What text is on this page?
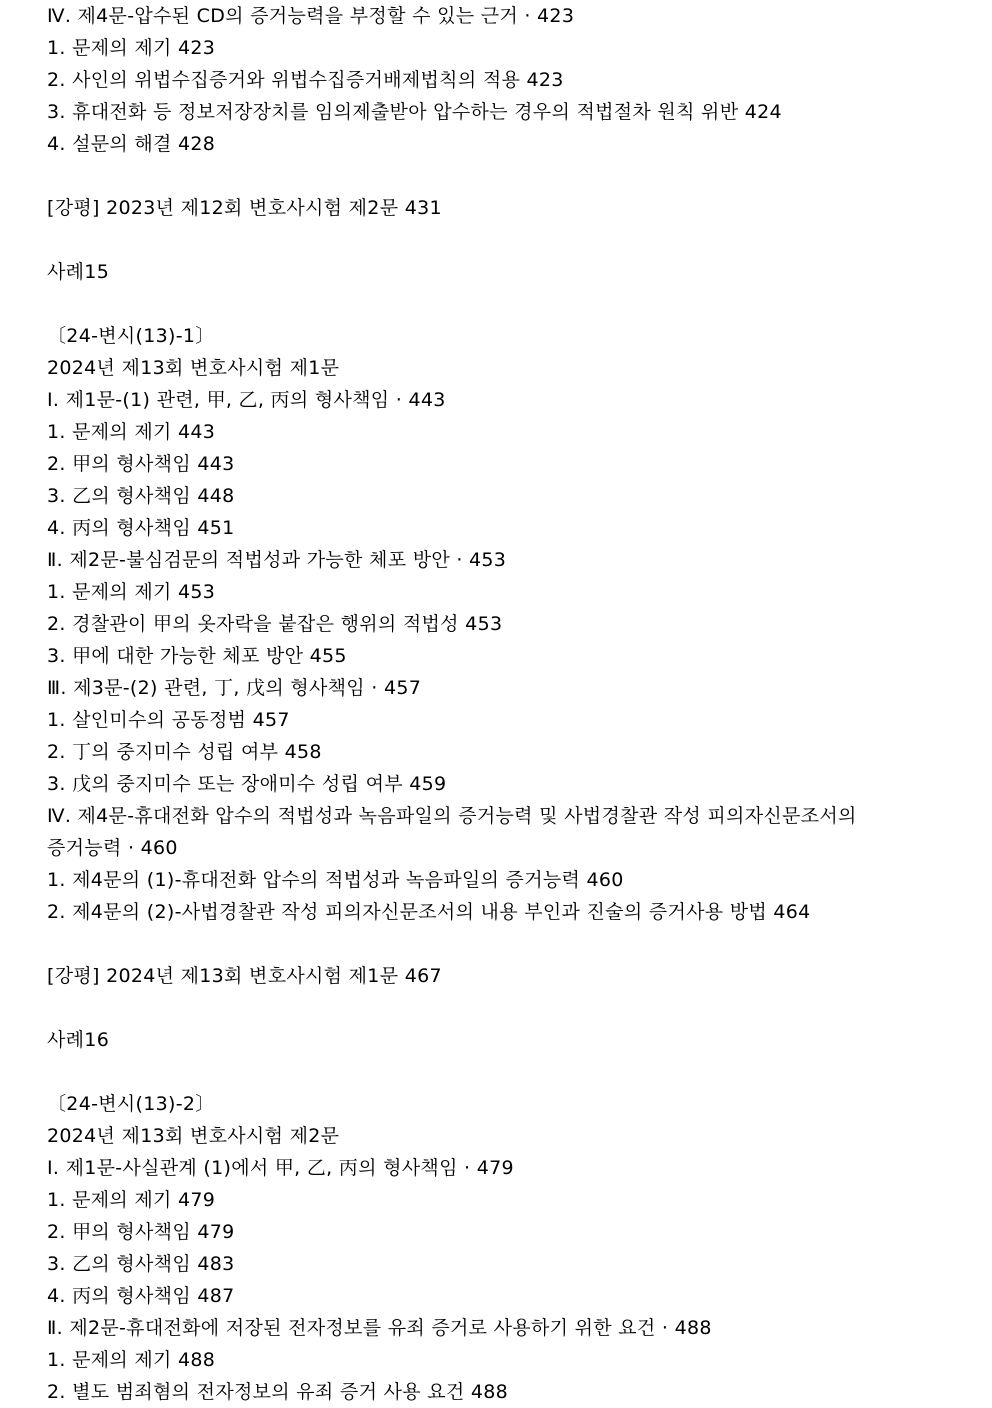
Ⅳ. 제4문-압수된 CD의 증거능력을 부정할 수 있는 근거 ‧ 423
1. 문제의 제기 423
2. 사인의 위법수집증거와 위법수집증거배제법칙의 적용 423
3. 휴대전화 등 정보저장장치를 임의제출받아 압수하는 경우의 적법절차 원칙 위반 424
4. 설문의 해결 428
[강평] 2023년 제12회 변호사시험 제2문 431
사례15
〔24-변시(13)-1〕
2024년 제13회 변호사시험 제1문
Ⅰ. 제1문-(1) 관련, 甲, 乙, 丙의 형사책임 ‧ 443
1. 문제의 제기 443
2. 甲의 형사책임 443
3. 乙의 형사책임 448
4. 丙의 형사책임 451
Ⅱ. 제2문-불심검문의 적법성과 가능한 체포 방안 ‧ 453
1. 문제의 제기 453
2. 경찰관이 甲의 옷자락을 붙잡은 행위의 적법성 453
3. 甲에 대한 가능한 체포 방안 455
Ⅲ. 제3문-(2) 관련, 丁, 戊의 형사책임 ‧ 457
1. 살인미수의 공동정범 457
2. 丁의 중지미수 성립 여부 458
3. 戊의 중지미수 또는 장애미수 성립 여부 459
Ⅳ. 제4문-휴대전화 압수의 적법성과 녹음파일의 증거능력 및 사법경찰관 작성 피의자신문조서의
증거능력 ‧ 460
1. 제4문의 (1)-휴대전화 압수의 적법성과 녹음파일의 증거능력 460
2. 제4문의 (2)-사법경찰관 작성 피의자신문조서의 내용 부인과 진술의 증거사용 방법 464
[강평] 2024년 제13회 변호사시험 제1문 467
사례16
〔24-변시(13)-2〕
2024년 제13회 변호사시험 제2문
Ⅰ. 제1문-사실관계 (1)에서 甲, 乙, 丙의 형사책임 ‧ 479
1. 문제의 제기 479
2. 甲의 형사책임 479
3. 乙의 형사책임 483
4. 丙의 형사책임 487
Ⅱ. 제2문-휴대전화에 저장된 전자정보를 유죄 증거로 사용하기 위한 요건 ‧ 488
1. 문제의 제기 488
2. 별도 범죄혐의 전자정보의 유죄 증거 사용 요건 488
